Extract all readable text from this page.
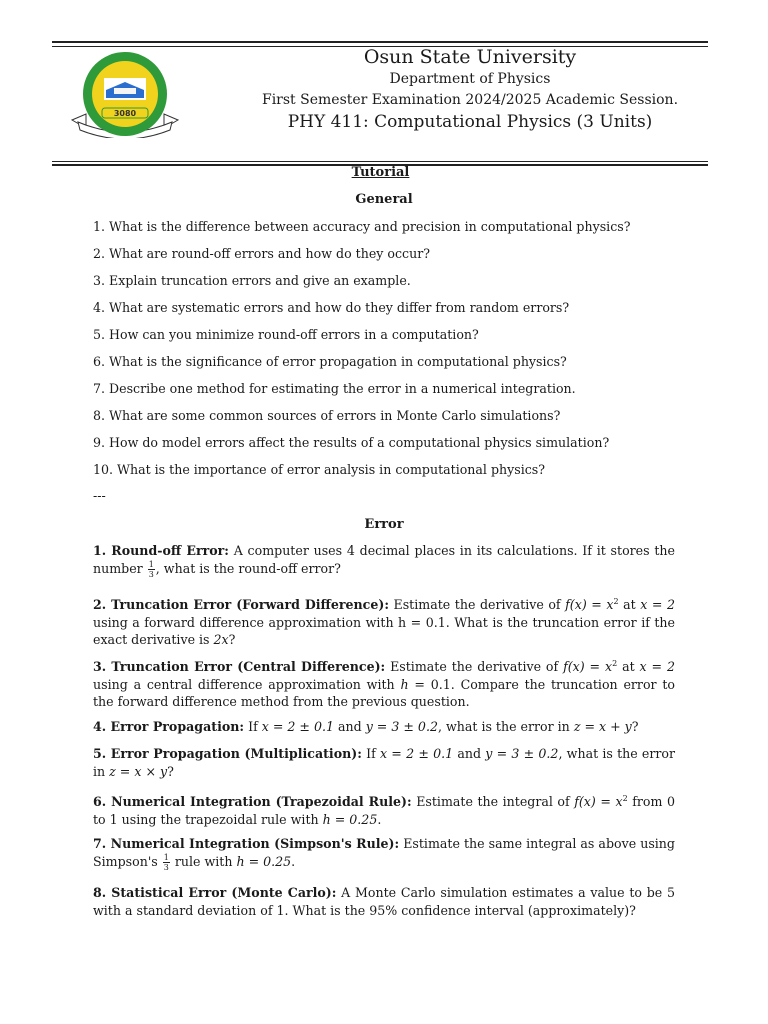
3080
Osun State University
Department of Physics
First Semester Examination 2024/2025 Academic Session.
PHY 411: Computational Physics (3 Units)
Tutorial
General
1. What is the difference between accuracy and precision in computational physics?
2. What are round-off errors and how do they occur?
3. Explain truncation errors and give an example.
4. What are systematic errors and how do they differ from random errors?
5. How can you minimize round-off errors in a computation?
6. What is the significance of error propagation in computational physics?
7. Describe one method for estimating the error in a numerical integration.
8. What are some common sources of errors in Monte Carlo simulations?
9. How do model errors affect the results of a computational physics simulation?
10. What is the importance of error analysis in computational physics?
---
Error
1. Round-off Error: A computer uses 4 decimal places in its calculations. If it stores the number $\frac{1}{3}$ , what is the round-off error?
2. Truncation Error (Forward Difference): Estimate the derivative of $f(x) = x^2$ at x = 2 using a forward difference approximation with h = 0.1. What is the truncation error if the exact derivative is 2x?
3. Truncation Error (Central Difference): Estimate the derivative of $f(x) = x^2$ at x = 2 using a central difference approximation with h = 0.1. Compare the truncation error to the forward difference method from the previous question.
4. Error Propagation: If x = 2 ± 0.1 and y = 3 ± 0.2, what is the error in z = x + y?
5. Error Propagation (Multiplication): If x = 2 ± 0.1 and y = 3 ± 0.2, what is the error in z = x × y?
6. Numerical Integration (Trapezoidal Rule): Estimate the integral of $f(x) = x^2$ from 0 to 1 using the trapezoidal rule with h = 0.25.
7. Numerical Integration (Simpson's Rule): Estimate the same integral as above using Simpson's $\frac{1}{3}$ rule with h = 0.25.
8. Statistical Error (Monte Carlo): A Monte Carlo simulation estimates a value to be 5 with a standard deviation of 1. What is the 95% confidence interval (approximately)?
